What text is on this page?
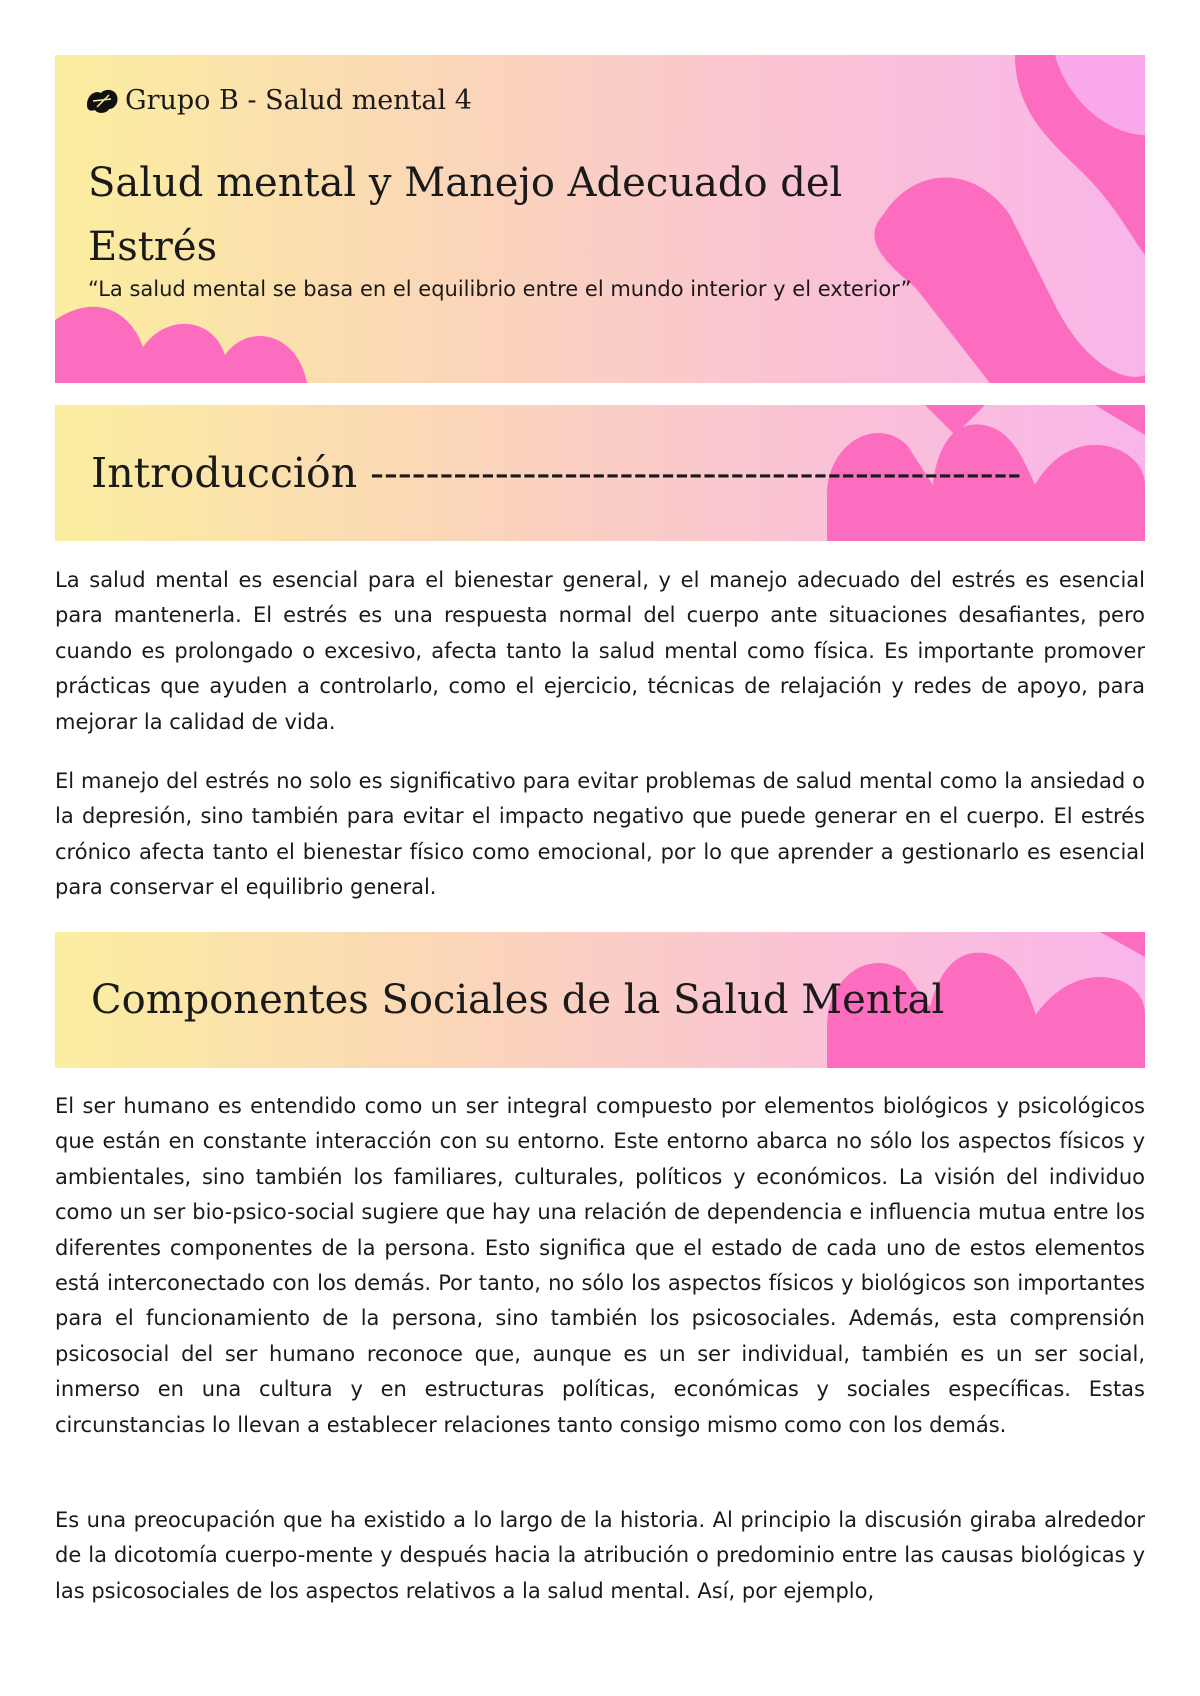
Grupo B - Salud mental 4
Salud mental y Manejo Adecuado del Estrés

“La salud mental se basa en el equilibrio entre el mundo interior y el exterior”

Introducción -----------------------------------------------

La salud mental es esencial para el bienestar general, y el manejo adecuado del estrés es esencial para mantenerla. El estrés es una respuesta normal del cuerpo ante situaciones desafiantes, pero cuando es prolongado o excesivo, afecta tanto la salud mental como física. Es importante promover prácticas que ayuden a controlarlo, como el ejercicio, técnicas de relajación y redes de apoyo, para mejorar la calidad de vida.

El manejo del estrés no solo es significativo para evitar problemas de salud mental como la ansiedad o la depresión, sino también para evitar el impacto negativo que puede generar en el cuerpo. El estrés crónico afecta tanto el bienestar físico como emocional, por lo que aprender a gestionarlo es esencial para conservar el equilibrio general.

Componentes Sociales de la Salud Mental

El ser humano es entendido como un ser integral compuesto por elementos biológicos y psicológicos que están en constante interacción con su entorno. Este entorno abarca no sólo los aspectos físicos y ambientales, sino también los familiares, culturales, políticos y económicos. La visión del individuo como un ser bio-psico-social sugiere que hay una relación de dependencia e influencia mutua entre los diferentes componentes de la persona. Esto significa que el estado de cada uno de estos elementos está interconectado con los demás. Por tanto, no sólo los aspectos físicos y biológicos son importantes para el funcionamiento de la persona, sino también los psicosociales. Además, esta comprensión psicosocial del ser humano reconoce que, aunque es un ser individual, también es un ser social, inmerso en una cultura y en estructuras políticas, económicas y sociales específicas. Estas circunstancias lo llevan a establecer relaciones tanto consigo mismo como con los demás.

Es una preocupación que ha existido a lo largo de la historia. Al principio la discusión giraba alrededor de la dicotomía cuerpo-mente y después hacia la atribución o predominio entre las causas biológicas y las psicosociales de los aspectos relativos a la salud mental. Así, por ejemplo,
